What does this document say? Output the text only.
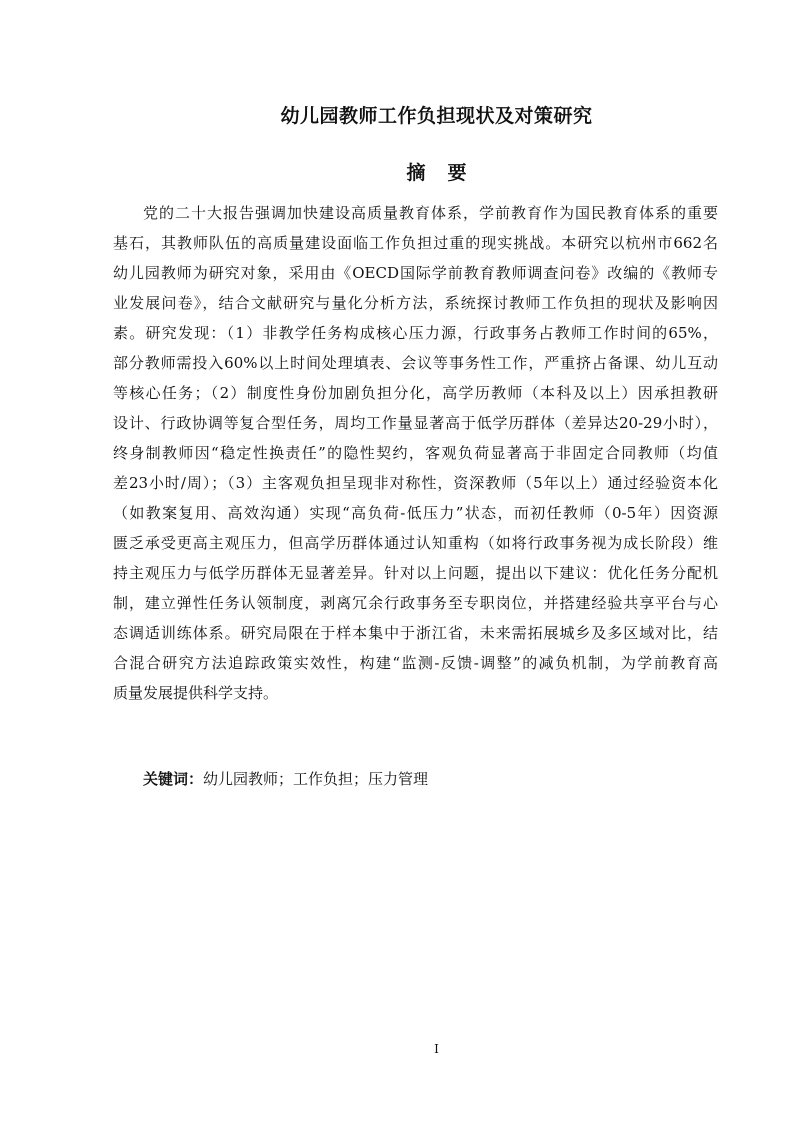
幼儿园教师工作负担现状及对策研究
摘 要
党的二十大报告强调加快建设高质量教育体系，学前教育作为国民教育体系的重要
基石，其教师队伍的高质量建设面临工作负担过重的现实挑战。本研究以杭州市662名
幼儿园教师为研究对象，采用由《OECD国际学前教育教师调查问卷》改编的《教师专
业发展问卷》，结合文献研究与量化分析方法，系统探讨教师工作负担的现状及影响因
素。研究发现：（1）非教学任务构成核心压力源，行政事务占教师工作时间的65%，
部分教师需投入60%以上时间处理填表、会议等事务性工作，严重挤占备课、幼儿互动
等核心任务；（2）制度性身份加剧负担分化，高学历教师（本科及以上）因承担教研
设计、行政协调等复合型任务，周均工作量显著高于低学历群体（差异达20-29小时），
终身制教师因“稳定性换责任”的隐性契约，客观负荷显著高于非固定合同教师（均值
差23小时/周）；（3）主客观负担呈现非对称性，资深教师（5年以上）通过经验资本化
（如教案复用、高效沟通）实现“高负荷-低压力”状态，而初任教师（0-5年）因资源
匮乏承受更高主观压力，但高学历群体通过认知重构（如将行政事务视为成长阶段）维
持主观压力与低学历群体无显著差异。针对以上问题，提出以下建议：优化任务分配机
制，建立弹性任务认领制度，剥离冗余行政事务至专职岗位，并搭建经验共享平台与心
态调适训练体系。研究局限在于样本集中于浙江省，未来需拓展城乡及多区域对比，结
合混合研究方法追踪政策实效性，构建“监测-反馈-调整”的减负机制，为学前教育高
质量发展提供科学支持。
关键词：幼儿园教师；工作负担；压力管理
I
